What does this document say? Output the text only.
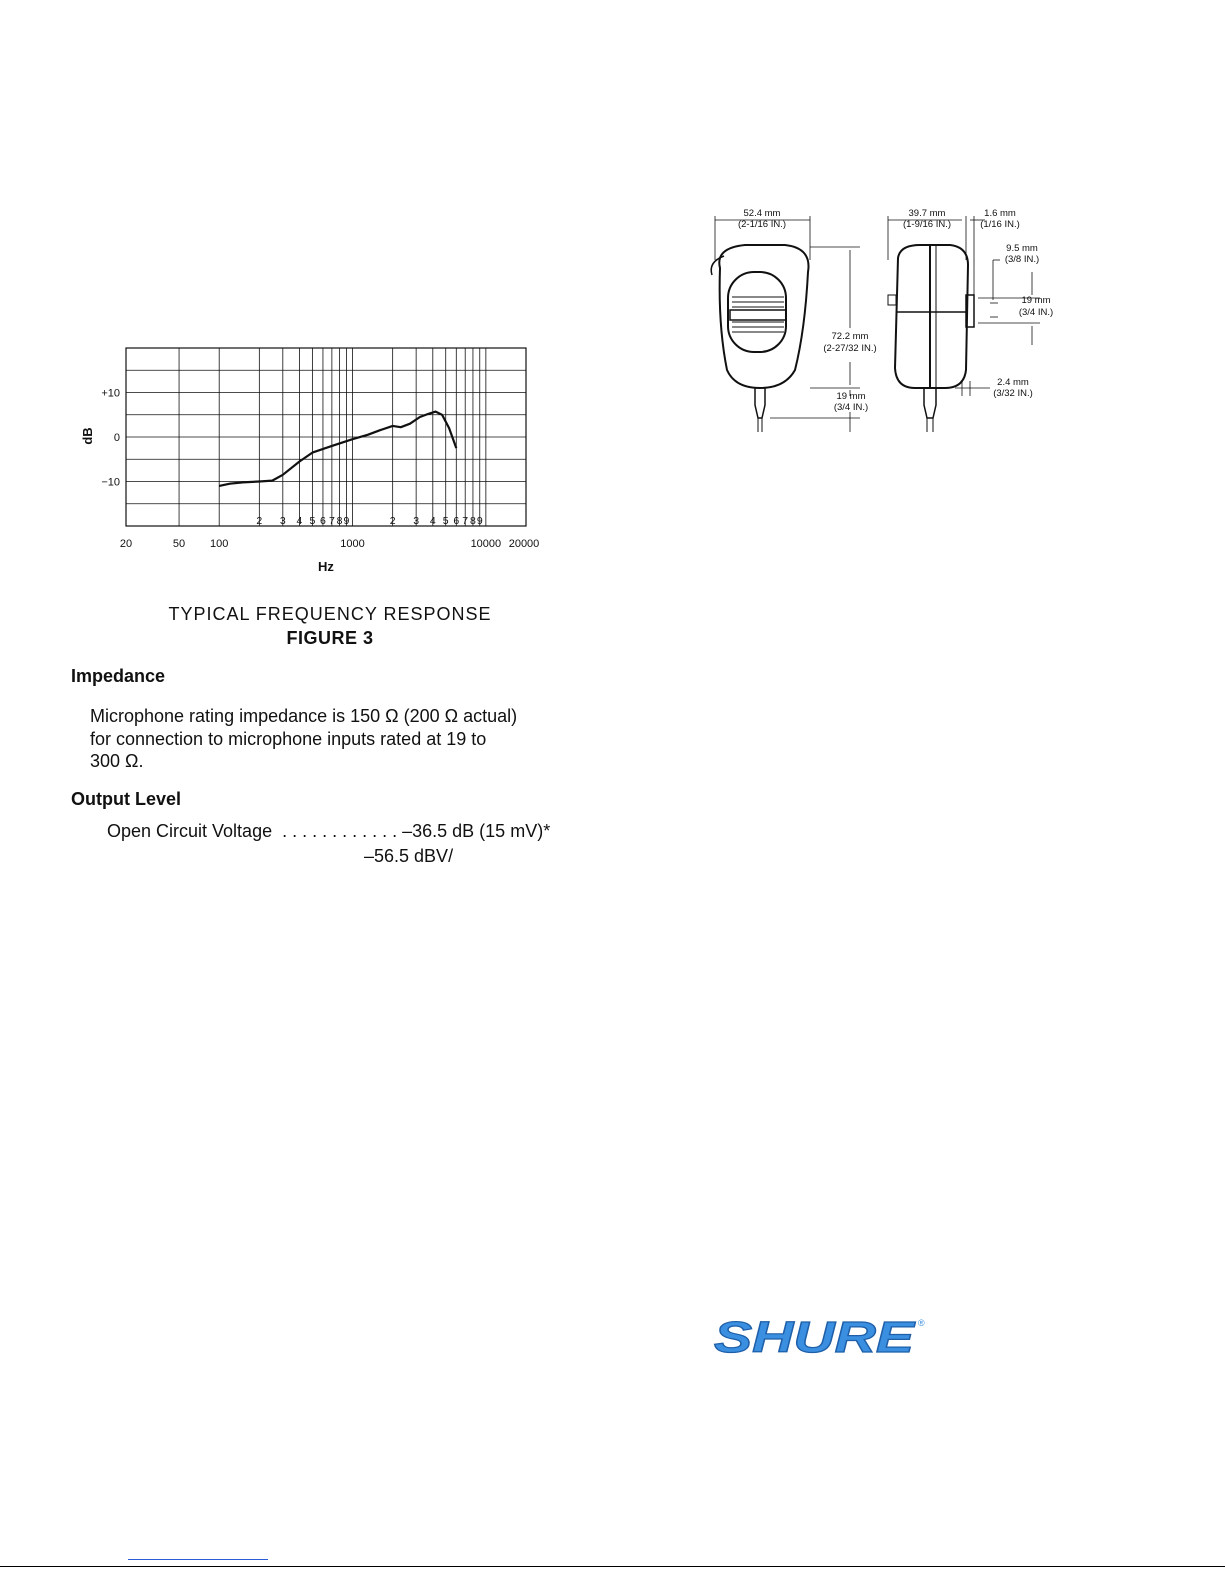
+10
0
−10
2 3 4 5 6 7 8 9	2 3 4 5 6 7 8 9
20	50 100	1000	10000 20000
Hz
dB
TYPICAL FREQUENCY RESPONSE
FIGURE 3
Impedance
Microphone rating impedance is 150 Ω (200 Ω actual)
for connection to microphone inputs rated at 19 to
300 Ω.
Output Level
Open Circuit Voltage  . . . . . . . . . . . . –36.5 dB (15 mV)*
–56.5 dBV/
52.4 mm
(2-1/16 IN.)
39.7 mm
(1-9/16 IN.)
1.6 mm
(1/16 IN.)
9.5 mm
(3/8 IN.)
19 mm
(3/4 IN.)
72.2 mm
(2-27/32 IN.)
19 mm
(3/4 IN.)
2.4 mm
(3/32 IN.)
SHURE ®
